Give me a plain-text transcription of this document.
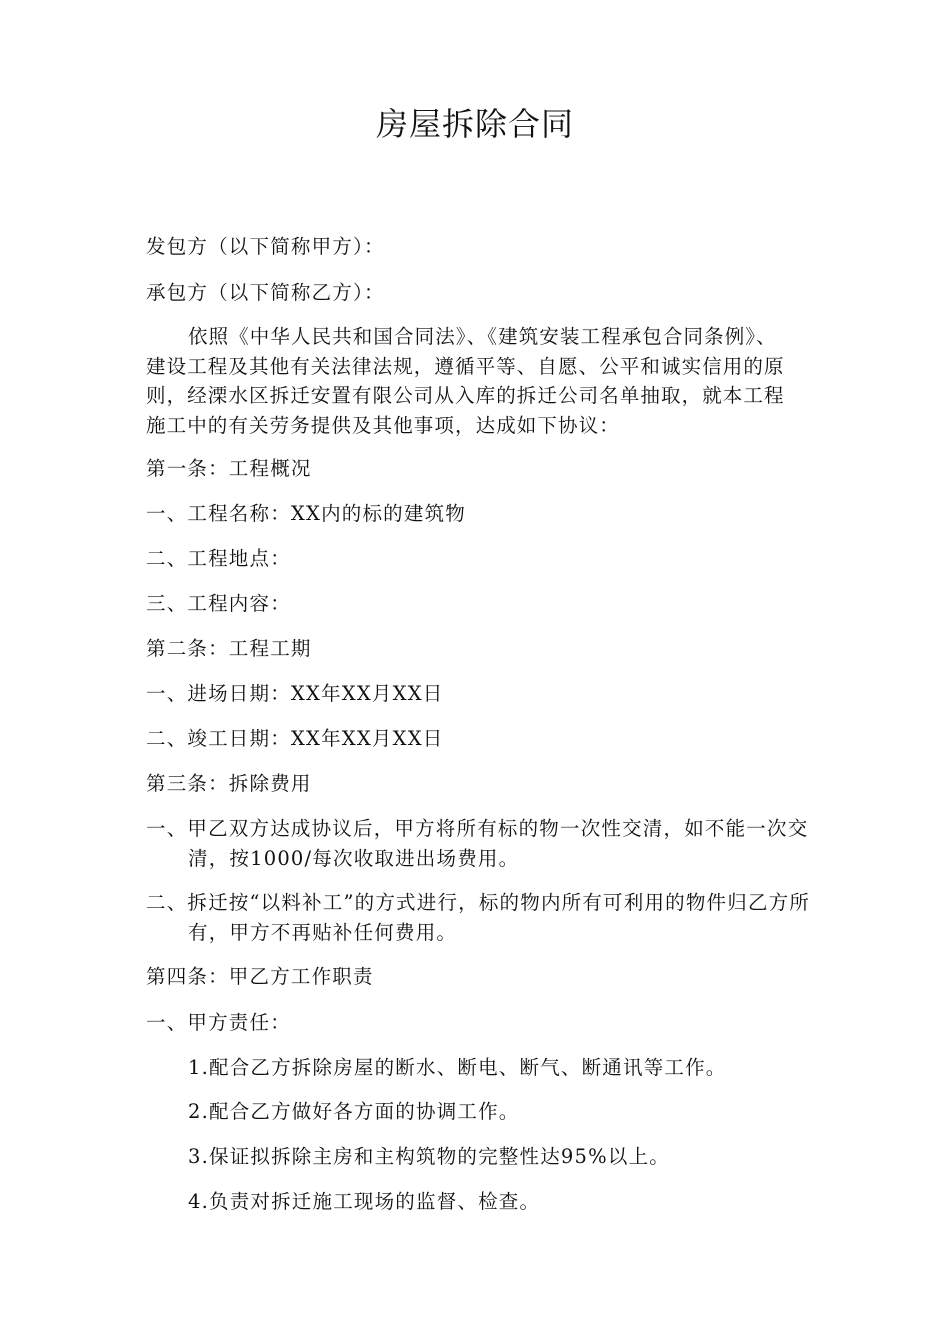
房屋拆除合同

发包方（以下简称甲方）：

承包方（以下简称乙方）：

依照《中华人民共和国合同法》、《建筑安装工程承包合同条例》、建设工程及其他有关法律法规，遵循平等、自愿、公平和诚实信用的原则，经溧水区拆迁安置有限公司从入库的拆迁公司名单抽取，就本工程施工中的有关劳务提供及其他事项，达成如下协议：

第一条：工程概况

一、工程名称：XX内的标的建筑物

二、工程地点：

三、工程内容：

第二条：工程工期

一、进场日期：XX年XX月XX日

二、竣工日期：XX年XX月XX日

第三条：拆除费用

一、甲乙双方达成协议后，甲方将所有标的物一次性交清，如不能一次交清，按1000/每次收取进出场费用。

二、拆迁按“以料补工”的方式进行，标的物内所有可利用的物件归乙方所有，甲方不再贴补任何费用。

第四条：甲乙方工作职责

一、甲方责任：

1.配合乙方拆除房屋的断水、断电、断气、断通讯等工作。

2.配合乙方做好各方面的协调工作。

3.保证拟拆除主房和主构筑物的完整性达95%以上。

4.负责对拆迁施工现场的监督、检查。
